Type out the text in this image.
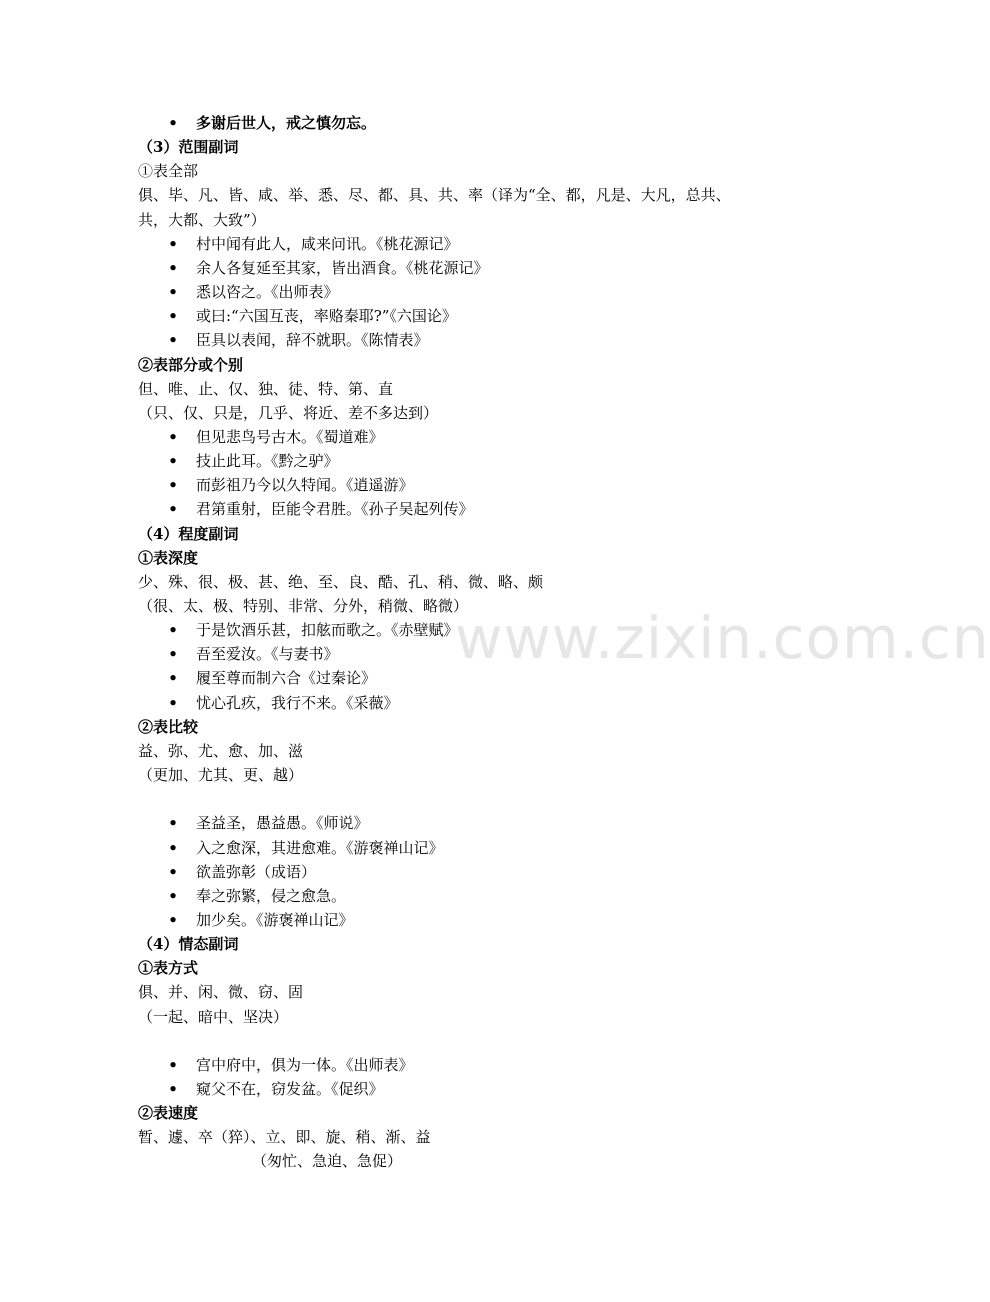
www.zixin.com.cn
• 多谢后世人，戒之慎勿忘。
（3）范围副词
①表全部
俱、毕、凡、皆、咸、举、悉、尽、都、具、共、率（译为“全、都，凡是、大凡，总共、
共，大都、大致”）
• 村中闻有此人，咸来问讯。《桃花源记》
• 余人各复延至其家，皆出酒食。《桃花源记》
• 悉以咨之。《出师表》
• 或曰:“六国互丧，率赂秦耶?”《六国论》
• 臣具以表闻，辞不就职。《陈情表》
②表部分或个别
但、唯、止、仅、独、徒、特、第、直
（只、仅、只是，几乎、将近、差不多达到）
• 但见悲鸟号古木。《蜀道难》
• 技止此耳。《黔之驴》
• 而彭祖乃今以久特闻。《逍遥游》
• 君第重射，臣能令君胜。《孙子吴起列传》
（4）程度副词
①表深度
少、殊、很、极、甚、绝、至、良、酷、孔、稍、微、略、颇
（很、太、极、特别、非常、分外，稍微、略微）
• 于是饮酒乐甚，扣舷而歌之。《赤壁赋》
• 吾至爱汝。《与妻书》
• 履至尊而制六合《过秦论》
• 忧心孔疚，我行不来。《采薇》
②表比较
益、弥、尤、愈、加、滋
（更加、尤其、更、越）
• 圣益圣，愚益愚。《师说》
• 入之愈深，其进愈难。《游褒禅山记》
• 欲盖弥彰（成语）
• 奉之弥繁，侵之愈急。
• 加少矣。《游褒禅山记》
（4）情态副词
①表方式
俱、并、闲、微、窃、固
（一起、暗中、坚决）
• 宫中府中，俱为一体。《出师表》
• 窥父不在，窃发盆。《促织》
②表速度
暂、遽、卒（猝）、立、即、旋、稍、渐、益
（匆忙、急迫、急促）
